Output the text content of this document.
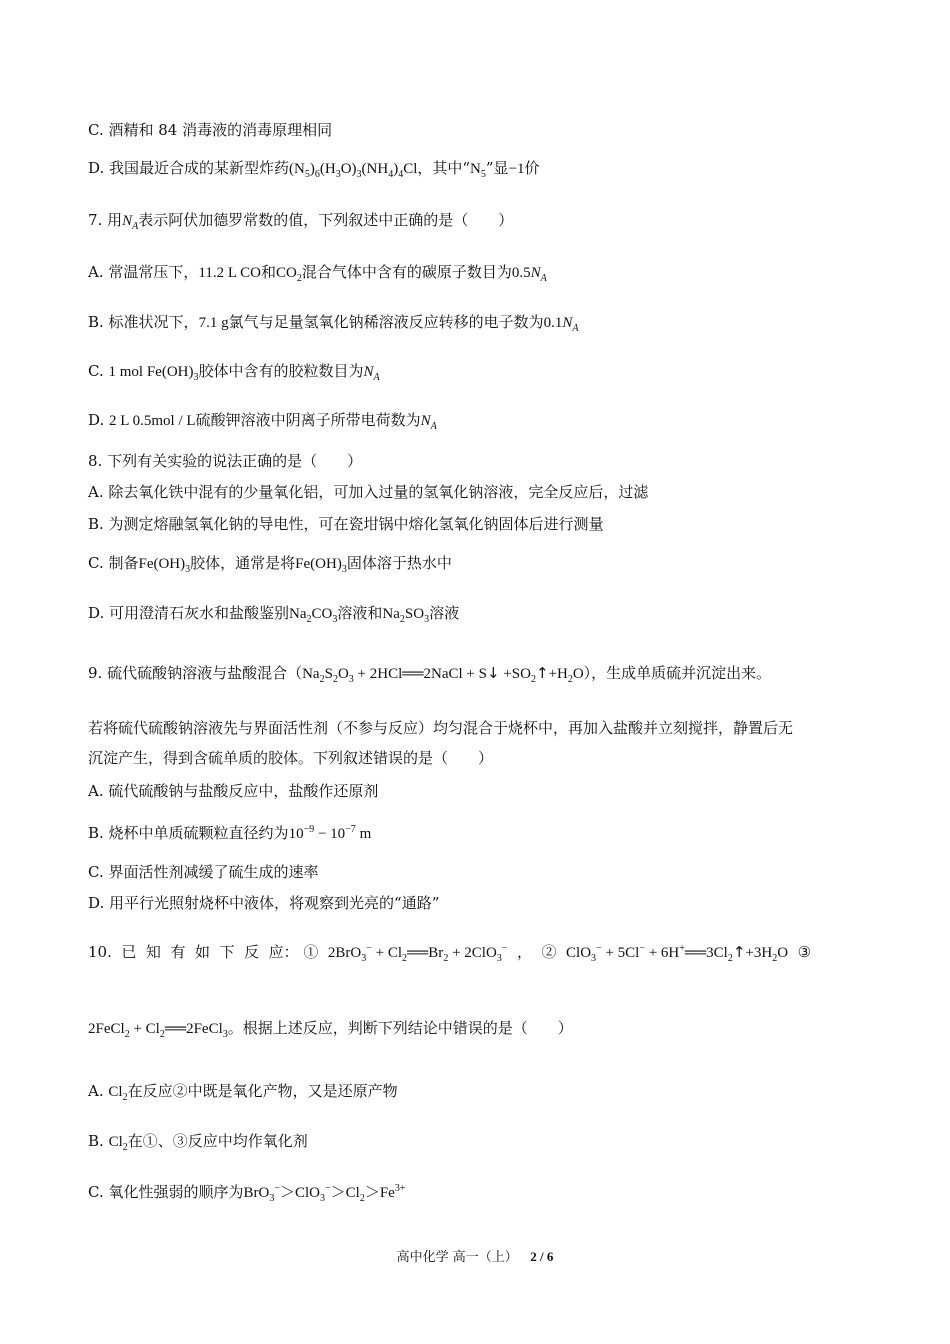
C. 酒精和 84 消毒液的消毒原理相同
D. 我国最近合成的某新型炸药$(N_5)_6(H_3O)_3(NH_4)_4Cl$，其中“$N_5$”显−1价
7. 用$N_A$表示阿伏加德罗常数的值，下列叙述中正确的是（　　）
A. 常温常压下，11.2 L CO和$CO_2$混合气体中含有的碳原子数目为$0.5N_A$
B. 标准状况下，7.1 g氯气与足量氢氧化钠稀溶液反应转移的电子数为$0.1N_A$
C. 1 mol $Fe(OH)_3$胶体中含有的胶粒数目为$N_A$
D. 2 L 0.5mol / L硫酸钾溶液中阴离子所带电荷数为$N_A$
8. 下列有关实验的说法正确的是（　　）
A. 除去氧化铁中混有的少量氧化铝，可加入过量的氢氧化钠溶液，完全反应后，过滤
B. 为测定熔融氢氧化钠的导电性，可在瓷坩锅中熔化氢氧化钠固体后进行测量
C. 制备$Fe(OH)_3$胶体，通常是将$Fe(OH)_3$固体溶于热水中
D. 可用澄清石灰水和盐酸鉴别$Na_2CO_3$溶液和$Na_2SO_3$溶液
9. 硫代硫酸钠溶液与盐酸混合（$Na_2S_2O_3$ + 2HCl══2NaCl + S↓ $+SO_2↑+H_2O$），生成单质硫并沉淀出来。
若将硫代硫酸钠溶液先与界面活性剂（不参与反应）均匀混合于烧杯中，再加入盐酸并立刻搅拌，静置后无
沉淀产生，得到含硫单质的胶体。下列叙述错误的是（　　）
A. 硫代硫酸钠与盐酸反应中，盐酸作还原剂
B. 烧杯中单质硫颗粒直径约为$10^{-9} - 10^{-7}$ m
C. 界面活性剂减缓了硫生成的速率
D. 用平行光照射烧杯中液体，将观察到光亮的“通路”
10.  已  知  有  如  下  反  应： ①  $2BrO_3^- + Cl_2══Br_2 + 2ClO_3^-$  ，  ②  $ClO_3^- + 5Cl^- + 6H^+══3Cl_2↑+3H_2O$  ③
2FeCl$_2$ + $Cl_2══2FeCl_3$。根据上述反应，判断下列结论中错误的是（　　）
A. $Cl_2$在反应②中既是氧化产物，又是还原产物
B. $Cl_2$在①、③反应中均作氧化剂
C. 氧化性强弱的顺序为$BrO_3^->ClO_3^->Cl_2>Fe^{3+}$
高中化学 高一（上） 2 / 6
